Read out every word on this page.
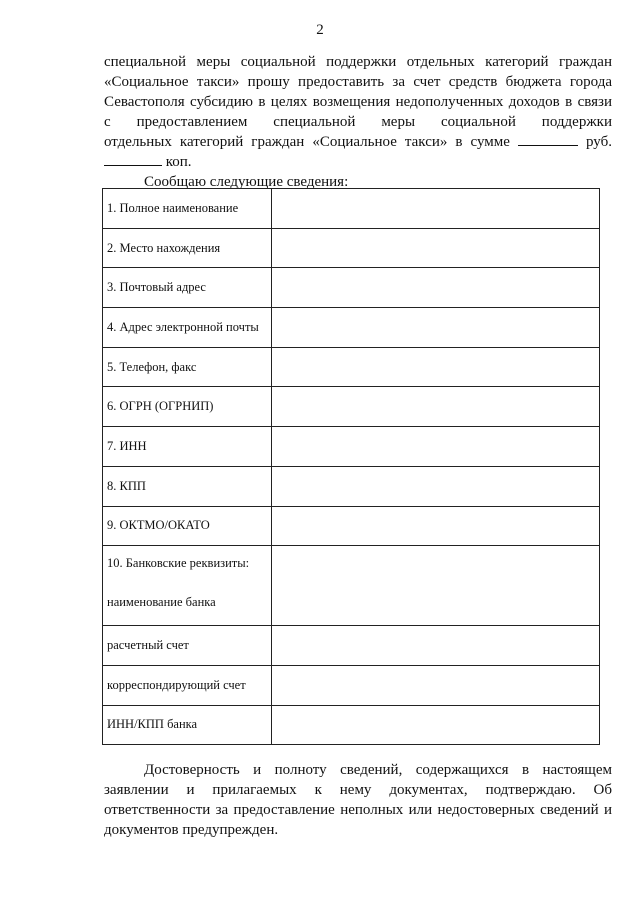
2

специальной меры социальной поддержки отдельных категорий граждан

«Социальное такси» прошу предоставить за счет средств бюджета города

Севастополя субсидию в целях возмещения недополученных доходов в связи

с предоставлением специальной меры социальной поддержки

отдельных категорий граждан «Социальное такси» в сумме	руб.

коп.

Сообщаю следующие сведения:

1. Полное наименование	
2. Место нахождения	
3. Почтовый адрес	
4. Адрес электронной почты	
5. Телефон, факс	
6. ОГРН (ОГРНИП)	
7. ИНН	
8. КПП	
9. ОКТМО/ОКАТО	

10. Банковские реквизиты:
наименование банка	

расчетный счет	
корреспондирующий счет	
ИНН/КПП банка	

Достоверность и полноту сведений, содержащихся в настоящем заявлении и прилагаемых к нему документах, подтверждаю. Об ответственности за предоставление неполных или недостоверных сведений и документов предупрежден.
